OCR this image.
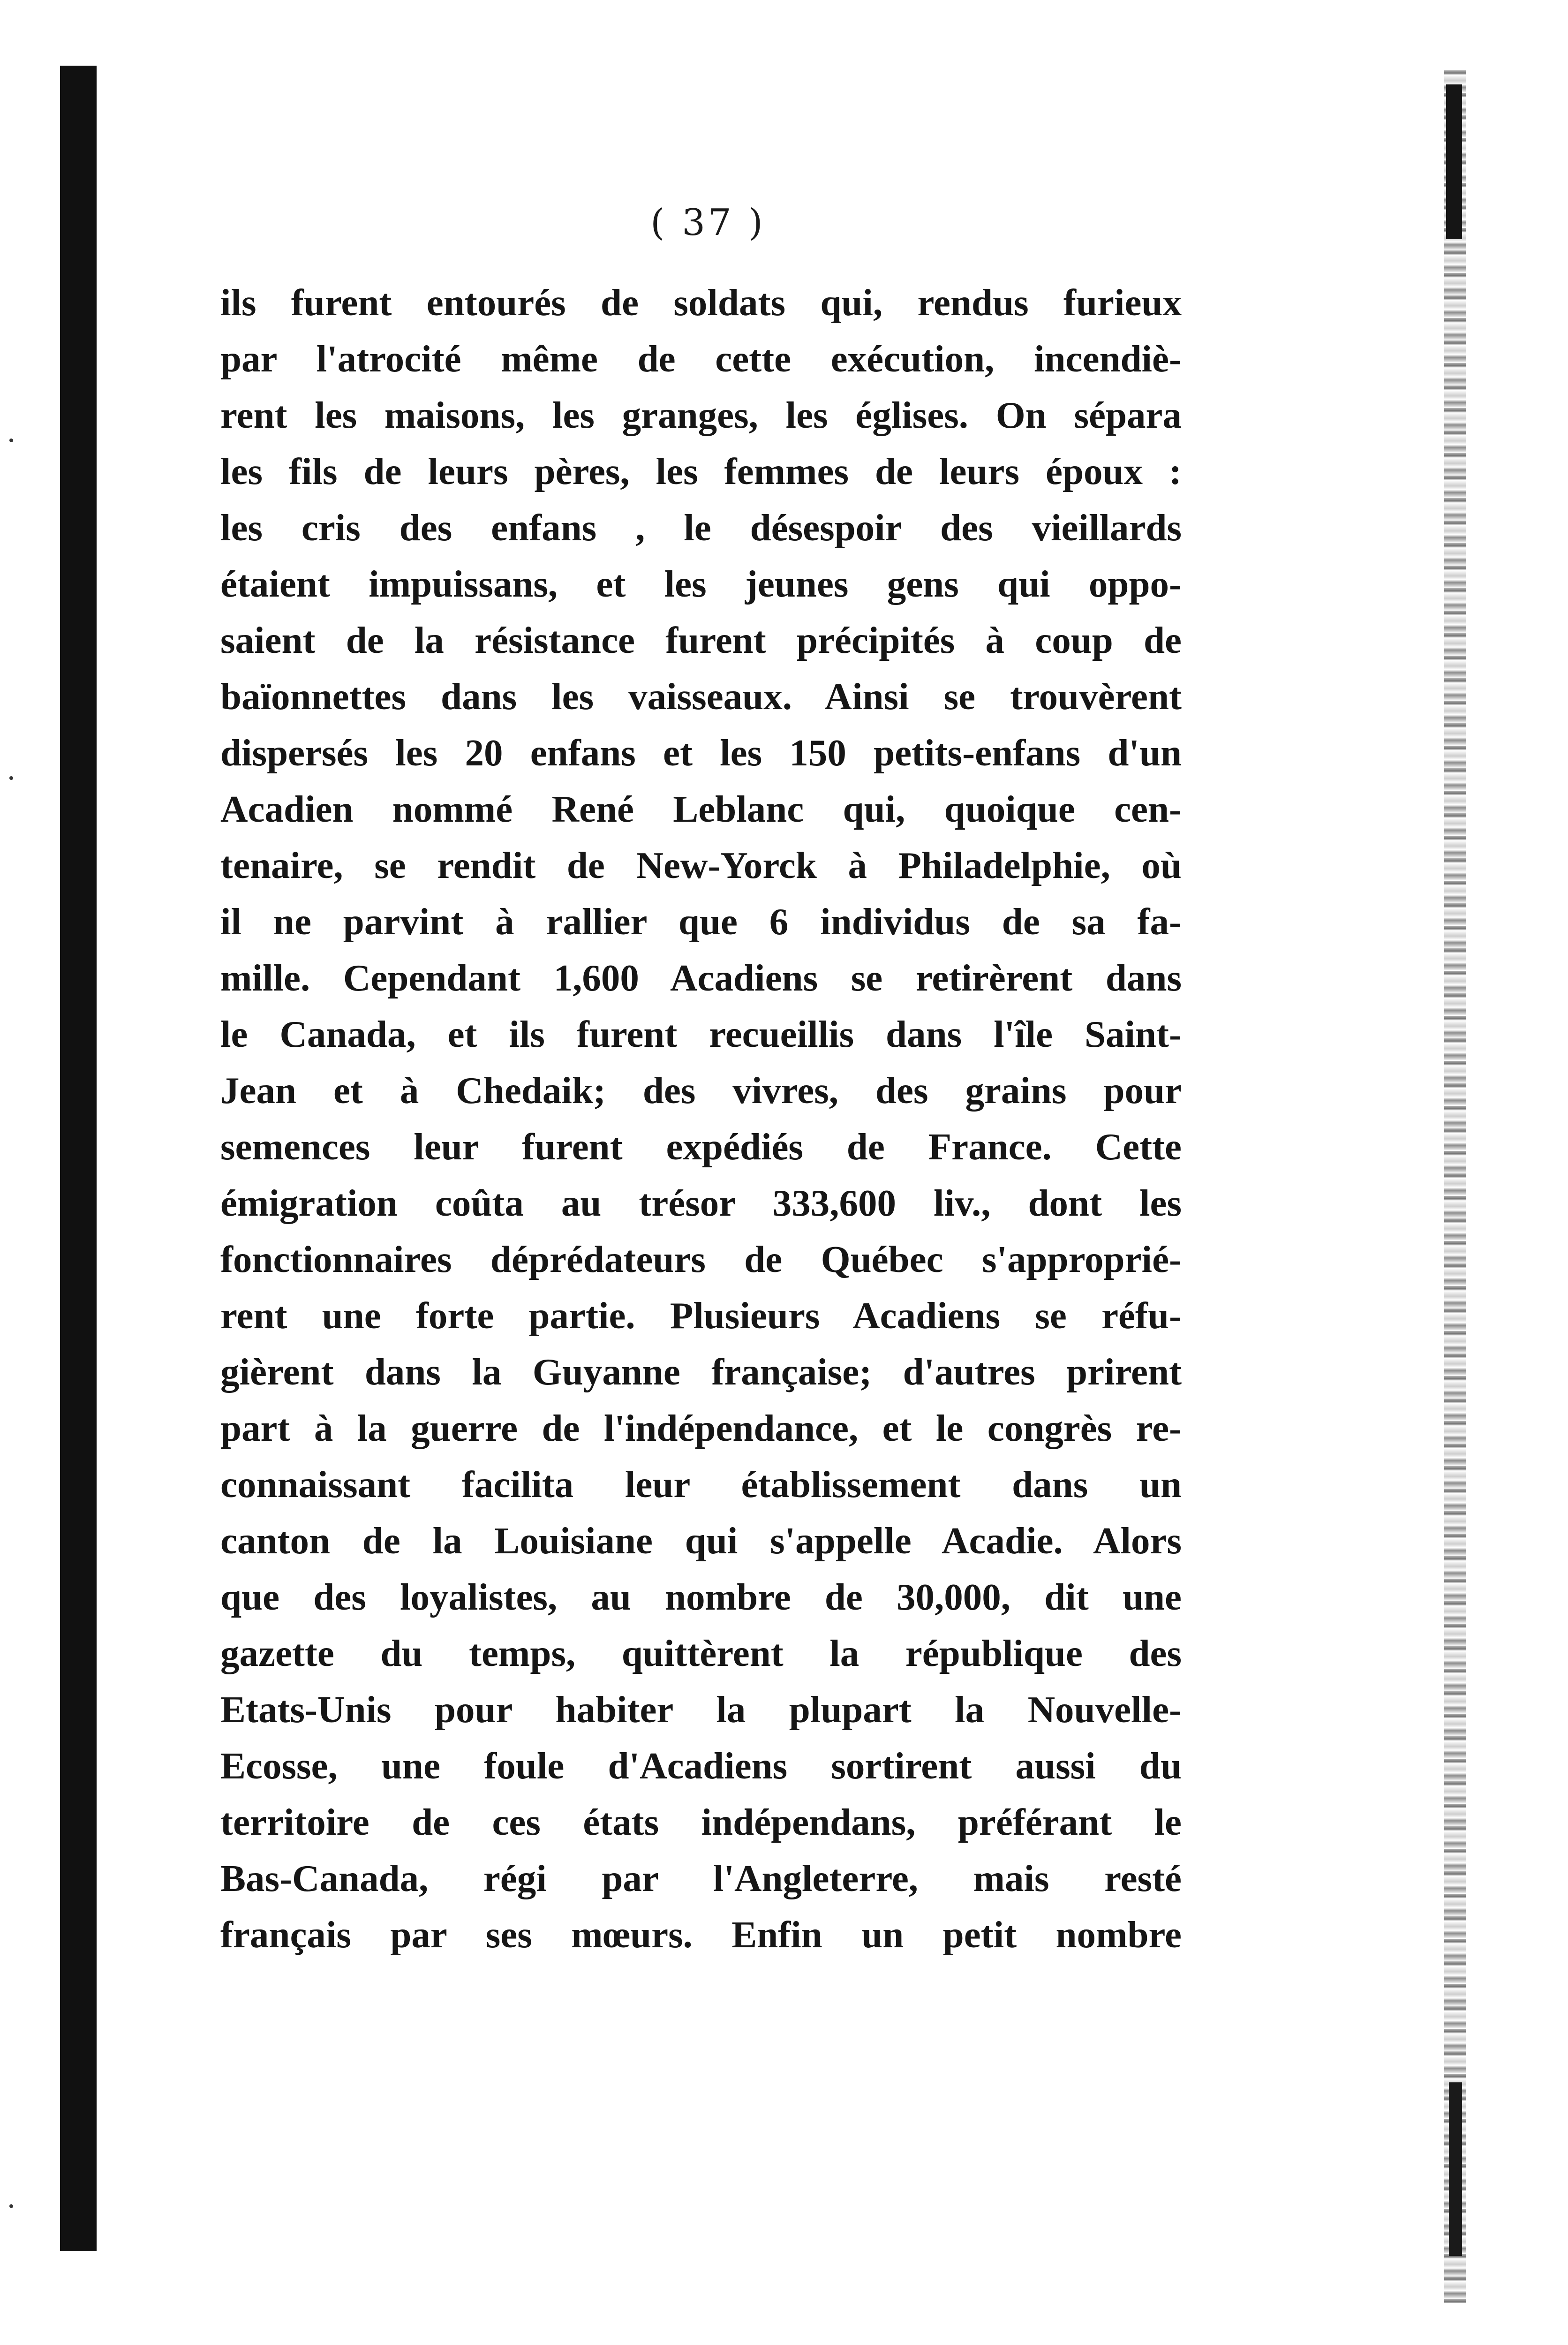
( 37 )
ils furent entourés de soldats qui, rendus furieux
par l'atrocité même de cette exécution, incendiè-
rent les maisons, les granges, les églises. On sépara
les fils de leurs pères, les femmes de leurs époux :
les cris des enfans , le désespoir des vieillards
étaient impuissans, et les jeunes gens qui oppo-
saient de la résistance furent précipités à coup de
baïonnettes dans les vaisseaux. Ainsi se trouvèrent
dispersés les 20 enfans et les 150 petits-enfans d'un
Acadien nommé René Leblanc qui, quoique cen-
tenaire, se rendit de New-Yorck à Philadelphie, où
il ne parvint à rallier que 6 individus de sa fa-
mille. Cependant 1,600 Acadiens se retirèrent dans
le Canada, et ils furent recueillis dans l'île Saint-
Jean et à Chedaik; des vivres, des grains pour
semences leur furent expédiés de France. Cette
émigration coûta au trésor 333,600 liv., dont les
fonctionnaires déprédateurs de Québec s'approprié-
rent une forte partie. Plusieurs Acadiens se réfu-
gièrent dans la Guyanne française; d'autres prirent
part à la guerre de l'indépendance, et le congrès re-
connaissant facilita leur établissement dans un
canton de la Louisiane qui s'appelle Acadie. Alors
que des loyalistes, au nombre de 30,000, dit une
gazette du temps, quittèrent la république des
Etats-Unis pour habiter la plupart la Nouvelle-
Ecosse, une foule d'Acadiens sortirent aussi du
territoire de ces états indépendans, préférant le
Bas-Canada, régi par l'Angleterre, mais resté
français par ses mœurs. Enfin un petit nombre
